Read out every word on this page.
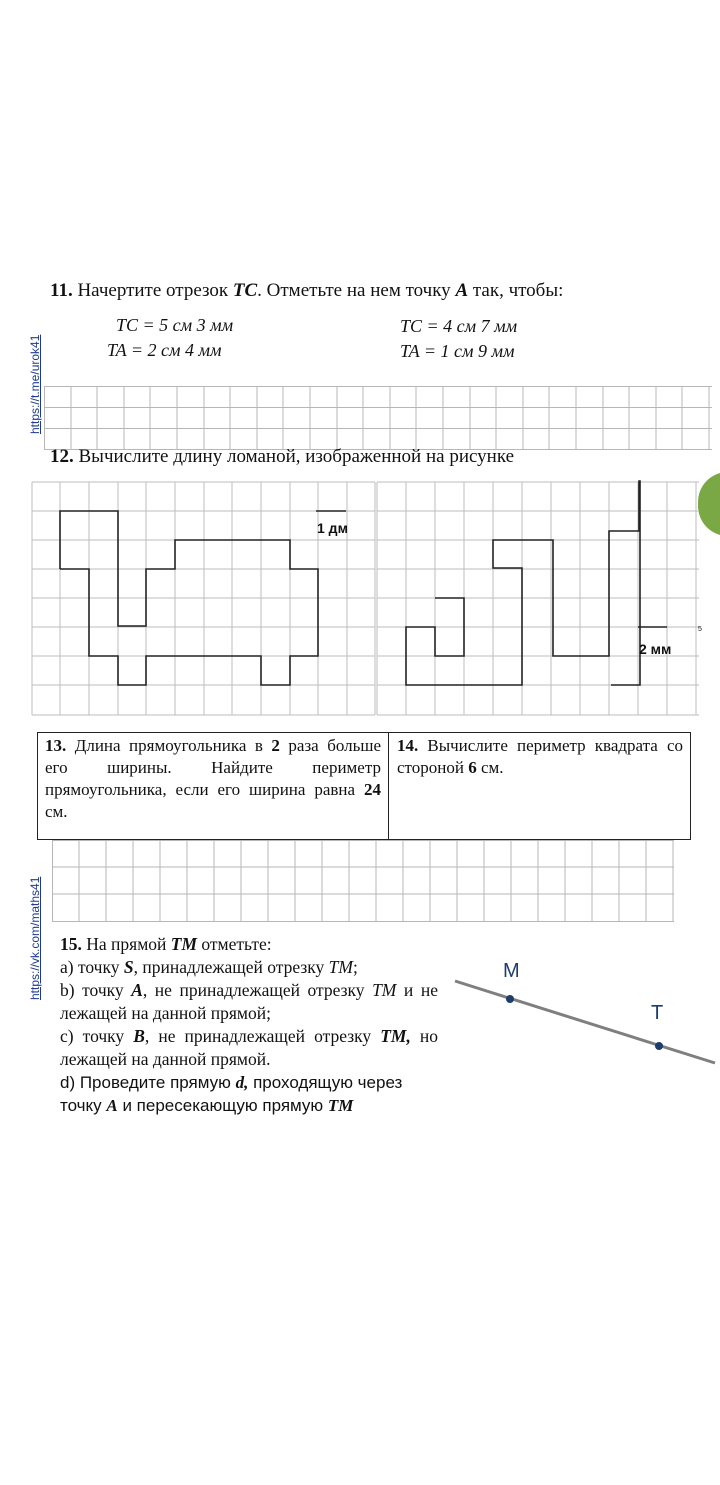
https://t.me/urok41
https://vk.com/maths41
11. Начертите отрезок TC. Отметьте на нем точку A так, чтобы:
TC = 5 см 3 мм
TA = 2 см 4 мм
TC = 4 см 7 мм
TA = 1 см 9 мм
12. Вычислите длину ломаной, изображенной на рисунке
1 дм
2 мм
5
13. Длина прямоугольника в 2 раза больше его ширины. Найдите периметр прямоугольника, если его ширина равна 24 см.
14. Вычислите периметр квадрата со стороной 6 см.
15. На прямой TM отметьте:
а) точку S, принадлежащей отрезку TM;
b) точку A, не принадлежащей отрезку TM и не лежащей на данной прямой;
c) точку B, не принадлежащей отрезку TM, но лежащей на данной прямой.
d) Проведите прямую d, проходящую через точку A и пересекающую прямую TM
M
T
